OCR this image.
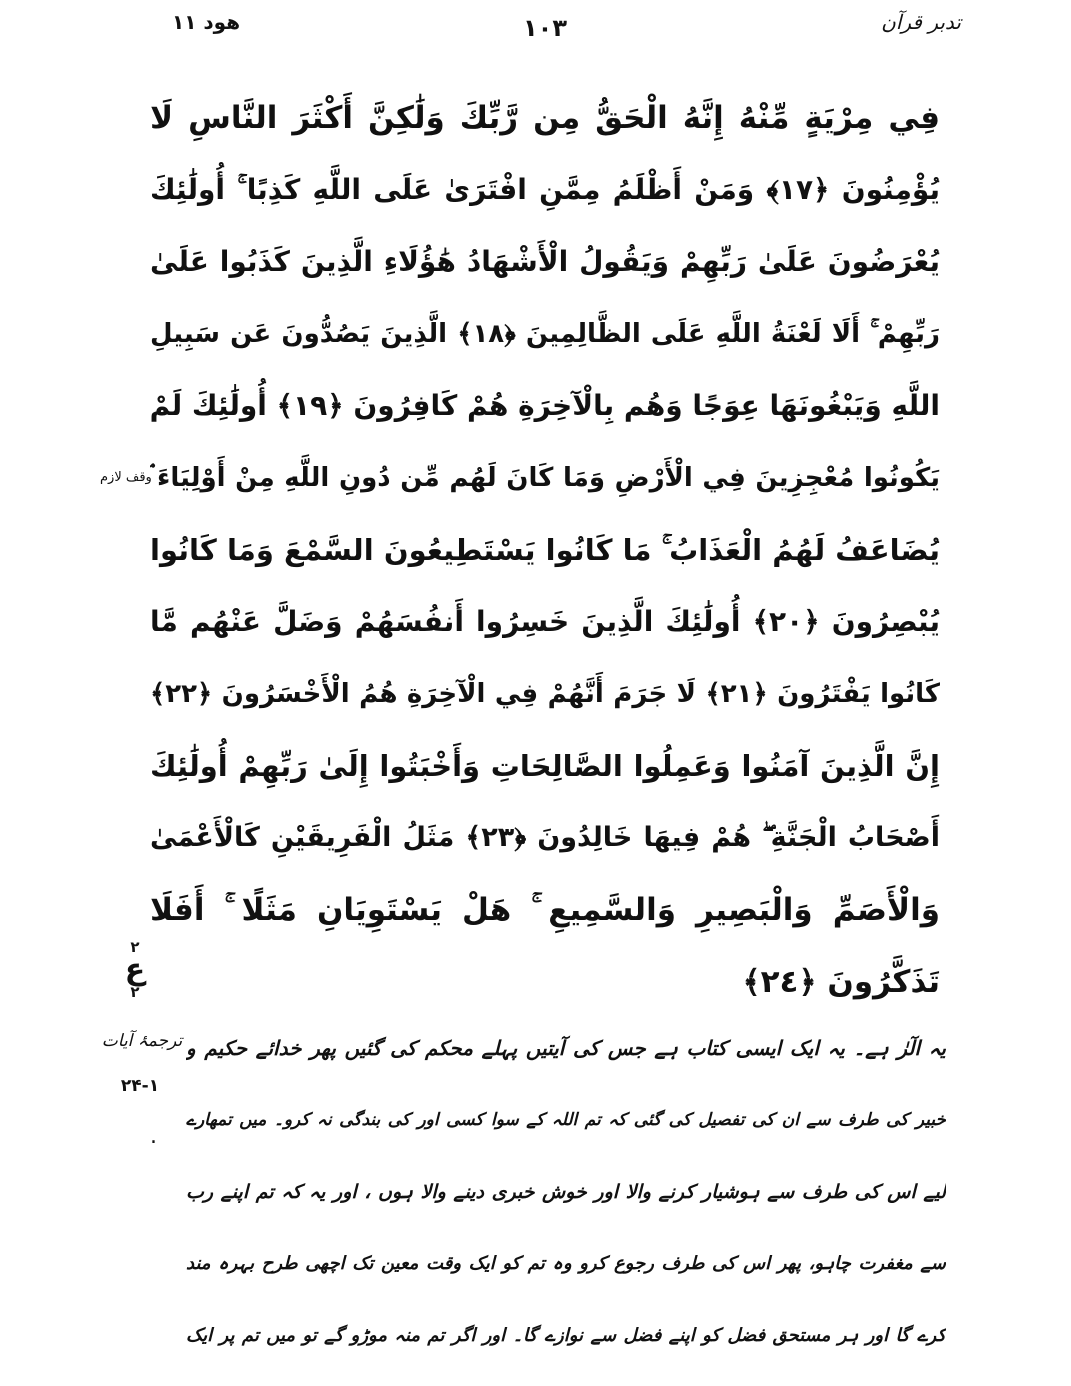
هود ۱۱	۱۰۳	تدبر قرآن
فِي مِرْيَةٍ مِّنْهُ إِنَّهُ الْحَقُّ مِن رَّبِّكَ وَلَٰكِنَّ أَكْثَرَ النَّاسِ لَا
يُؤْمِنُونَ ﴿١٧﴾ وَمَنْ أَظْلَمُ مِمَّنِ افْتَرَىٰ عَلَى اللَّهِ كَذِبًا ۚ أُولَٰئِكَ
يُعْرَضُونَ عَلَىٰ رَبِّهِمْ وَيَقُولُ الْأَشْهَادُ هَٰؤُلَاءِ الَّذِينَ كَذَبُوا عَلَىٰ
رَبِّهِمْ ۚ أَلَا لَعْنَةُ اللَّهِ عَلَى الظَّالِمِينَ ﴿١٨﴾ الَّذِينَ يَصُدُّونَ عَن سَبِيلِ
اللَّهِ وَيَبْغُونَهَا عِوَجًا وَهُم بِالْآخِرَةِ هُمْ كَافِرُونَ ﴿١٩﴾ أُولَٰئِكَ لَمْ
يَكُونُوا مُعْجِزِينَ فِي الْأَرْضِ وَمَا كَانَ لَهُم مِّن دُونِ اللَّهِ مِنْ أَوْلِيَاءَ ۘ
يُضَاعَفُ لَهُمُ الْعَذَابُ ۚ مَا كَانُوا يَسْتَطِيعُونَ السَّمْعَ وَمَا كَانُوا
يُبْصِرُونَ ﴿٢٠﴾ أُولَٰئِكَ الَّذِينَ خَسِرُوا أَنفُسَهُمْ وَضَلَّ عَنْهُم مَّا
كَانُوا يَفْتَرُونَ ﴿٢١﴾ لَا جَرَمَ أَنَّهُمْ فِي الْآخِرَةِ هُمُ الْأَخْسَرُونَ ﴿٢٢﴾
إِنَّ الَّذِينَ آمَنُوا وَعَمِلُوا الصَّالِحَاتِ وَأَخْبَتُوا إِلَىٰ رَبِّهِمْ أُولَٰئِكَ
أَصْحَابُ الْجَنَّةِ ۖ هُمْ فِيهَا خَالِدُونَ ﴿٢٣﴾ مَثَلُ الْفَرِيقَيْنِ كَالْأَعْمَىٰ
وَالْأَصَمِّ وَالْبَصِيرِ وَالسَّمِيعِ ۚ هَلْ يَسْتَوِيَانِ مَثَلًا ۚ أَفَلَا
تَذَكَّرُونَ ﴿٢٤﴾
وقف لازم
۲
ع
۲
ترجمۂ آیات
۲۴-۱
.
یہ الٓرٰ ہے۔ یہ ایک ایسی کتاب ہے جس کی آیتیں پہلے محکم کی گئیں پھر خدائے حکیم و
خبیر کی طرف سے ان کی تفصیل کی گئی کہ تم اللہ کے سوا کسی اور کی بندگی نہ کرو۔ میں تمھارے
لیے اس کی طرف سے ہوشیار کرنے والا اور خوش خبری دینے والا ہوں ، اور یہ کہ تم اپنے رب
سے مغفرت چاہو، پھر اس کی طرف رجوع کرو وہ تم کو ایک وقت معین تک اچھی طرح بہرہ مند
کرے گا اور ہر مستحق فضل کو اپنے فضل سے نوازے گا۔ اور اگر تم منہ موڑو گے تو میں تم پر ایک
